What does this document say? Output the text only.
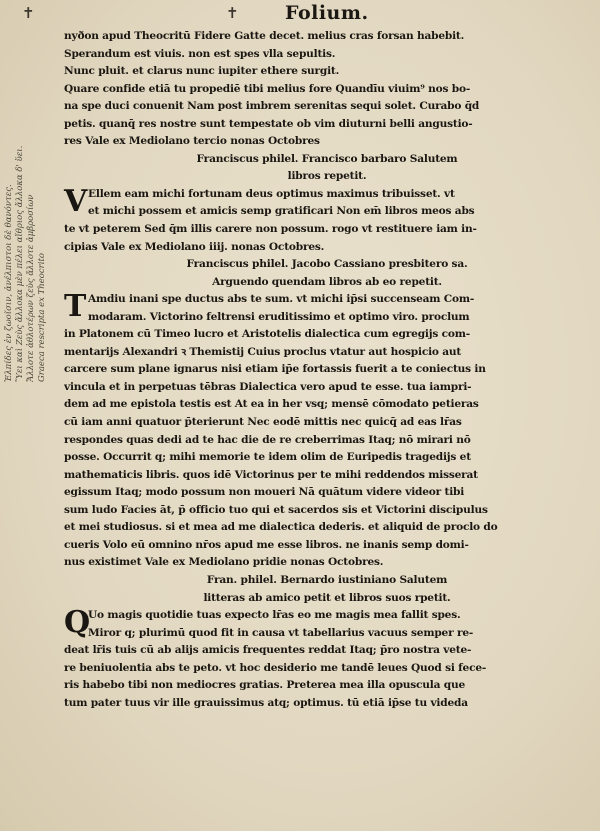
✝	✝ Folium.
Ἐλπίδες ἐν ζωοῖσιν, ἀνέλπιστοι δὲ θανόντες. Ὕει καὶ Ζεὺς ἄλλοκα μὲν πέλει αἴθριος ἄλλοκα δ' ὕει. Ἄλλοτε ἀθλοτέρων ζεὺς ἄλλοτε ἀμβροσίων Graeca rescripta ex Theocrito
nyðon apud Theocritū Fidere Gatte decet. melius cras forsan habebit.
Sperandum est viuis. non est spes vlla sepultis.
Nunc pluit. et clarus nunc iupiter ethere surgit.
Quare confide etiā tu propediē tibi melius fore Quandīu viuim⁹ nos bo-
na spe duci conuenit Nam post imbrem serenitas sequi solet. Curabo q̄d
petis. quanq̄ res nostre sunt tempestate ob vim diuturni belli angustio-
res Vale ex Mediolano tercio nonas Octobres
Franciscus philel. Francisco barbaro Salutem
libros repetit.
V Ellem eam michi fortunam deus optimus maximus tribuisset. vt
et michi possem et amicis semp gratificari Non em̄ libros meos abs
te vt peterem Sed q̄m illis carere non possum. rogo vt restituere iam in-
cipias Vale ex Mediolano iiij. nonas Octobres.
Franciscus philel. Jacobo Cassiano presbitero sa.
Arguendo quendam libros ab eo repetit.
T Amdiu inani spe ductus abs te sum. vt michi ip̄si succenseam Com-
modaram. Victorino feltrensi eruditissimo et optimo viro. proclum
in Platonem cū Timeo lucro et Aristotelis dialectica cum egregijs com-
mentarijs Alexandri ꝛ Themistij Cuius proclus vtatur aut hospicio aut
carcere sum plane ignarus nisi etiam ip̄e fortassis fuerit a te coniectus in
vincula et in perpetuas tēbras Dialectica vero apud te esse. tua iampri-
dem ad me epistola testis est At ea in her vsq; mensē cōmodato petieras
cū iam anni quatuor p̄terierunt Nec eodē mittis nec quicq̄ ad eas lr̄as
respondes quas dedi ad te hac die de re creberrimas Itaq; nō mirari nō
posse. Occurrit q; mihi memorie te idem olim de Euripedis tragedijs et
mathematicis libris. quos idē Victorinus per te mihi reddendos misserat
egissum Itaq; modo possum non moueri Nā quātum videre videor tibi
sum ludo Facies āt, p̄ officio tuo qui et sacerdos sis et Victorini discipulus
et mei studiosus. si et mea ad me dialectica dederis. et aliquid de proclo do
cueris Volo eū omnino nr̄os apud me esse libros. ne inanis semp domi-
nus existimet Vale ex Mediolano pridie nonas Octobres.
Fran. philel. Bernardo iustiniano Salutem
litteras ab amico petit et libros suos rpetit.
Q
Uo magis quotidie tuas expecto lr̄as eo me magis mea fallit spes.
Miror q; plurimū quod fit in causa vt tabellarius vacuus semper re-
deat lr̄is tuis cū ab alijs amicis frequentes reddat Itaq; p̄ro nostra vete-
re beniuolentia abs te peto. vt hoc desiderio me tandē leues Quod si fece-
ris habebo tibi non mediocres gratias. Preterea mea illa opuscula que
tum pater tuus vir ille grauissimus atq; optimus. tū etiā ip̄se tu videda
